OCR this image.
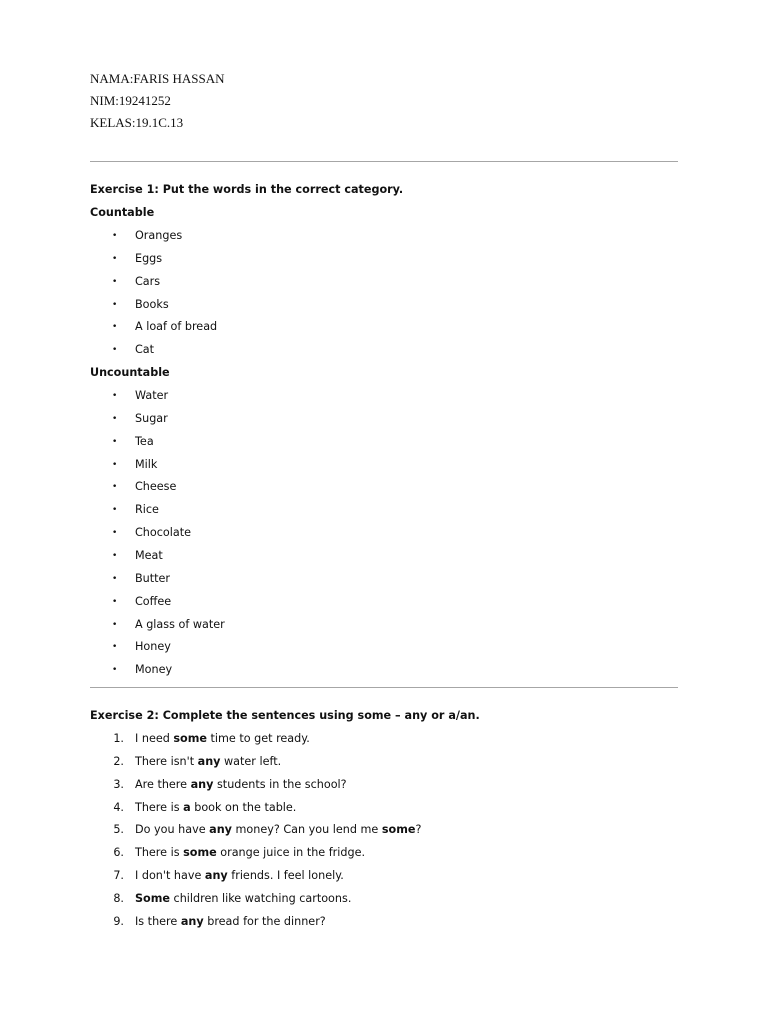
NAMA:FARIS HASSAN
NIM:19241252
KELAS:19.1C.13
Exercise 1: Put the words in the correct category.
Countable
• Oranges
• Eggs
• Cars
• Books
• A loaf of bread
• Cat
Uncountable
• Water
• Sugar
• Tea
• Milk
• Cheese
• Rice
• Chocolate
• Meat
• Butter
• Coffee
• A glass of water
• Honey
• Money
Exercise 2: Complete the sentences using some – any or a/an.
1. I need some time to get ready.
2. There isn't any water left.
3. Are there any students in the school?
4. There is a book on the table.
5. Do you have any money? Can you lend me some?
6. There is some orange juice in the fridge.
7. I don't have any friends. I feel lonely.
8. Some children like watching cartoons.
9. Is there any bread for the dinner?
